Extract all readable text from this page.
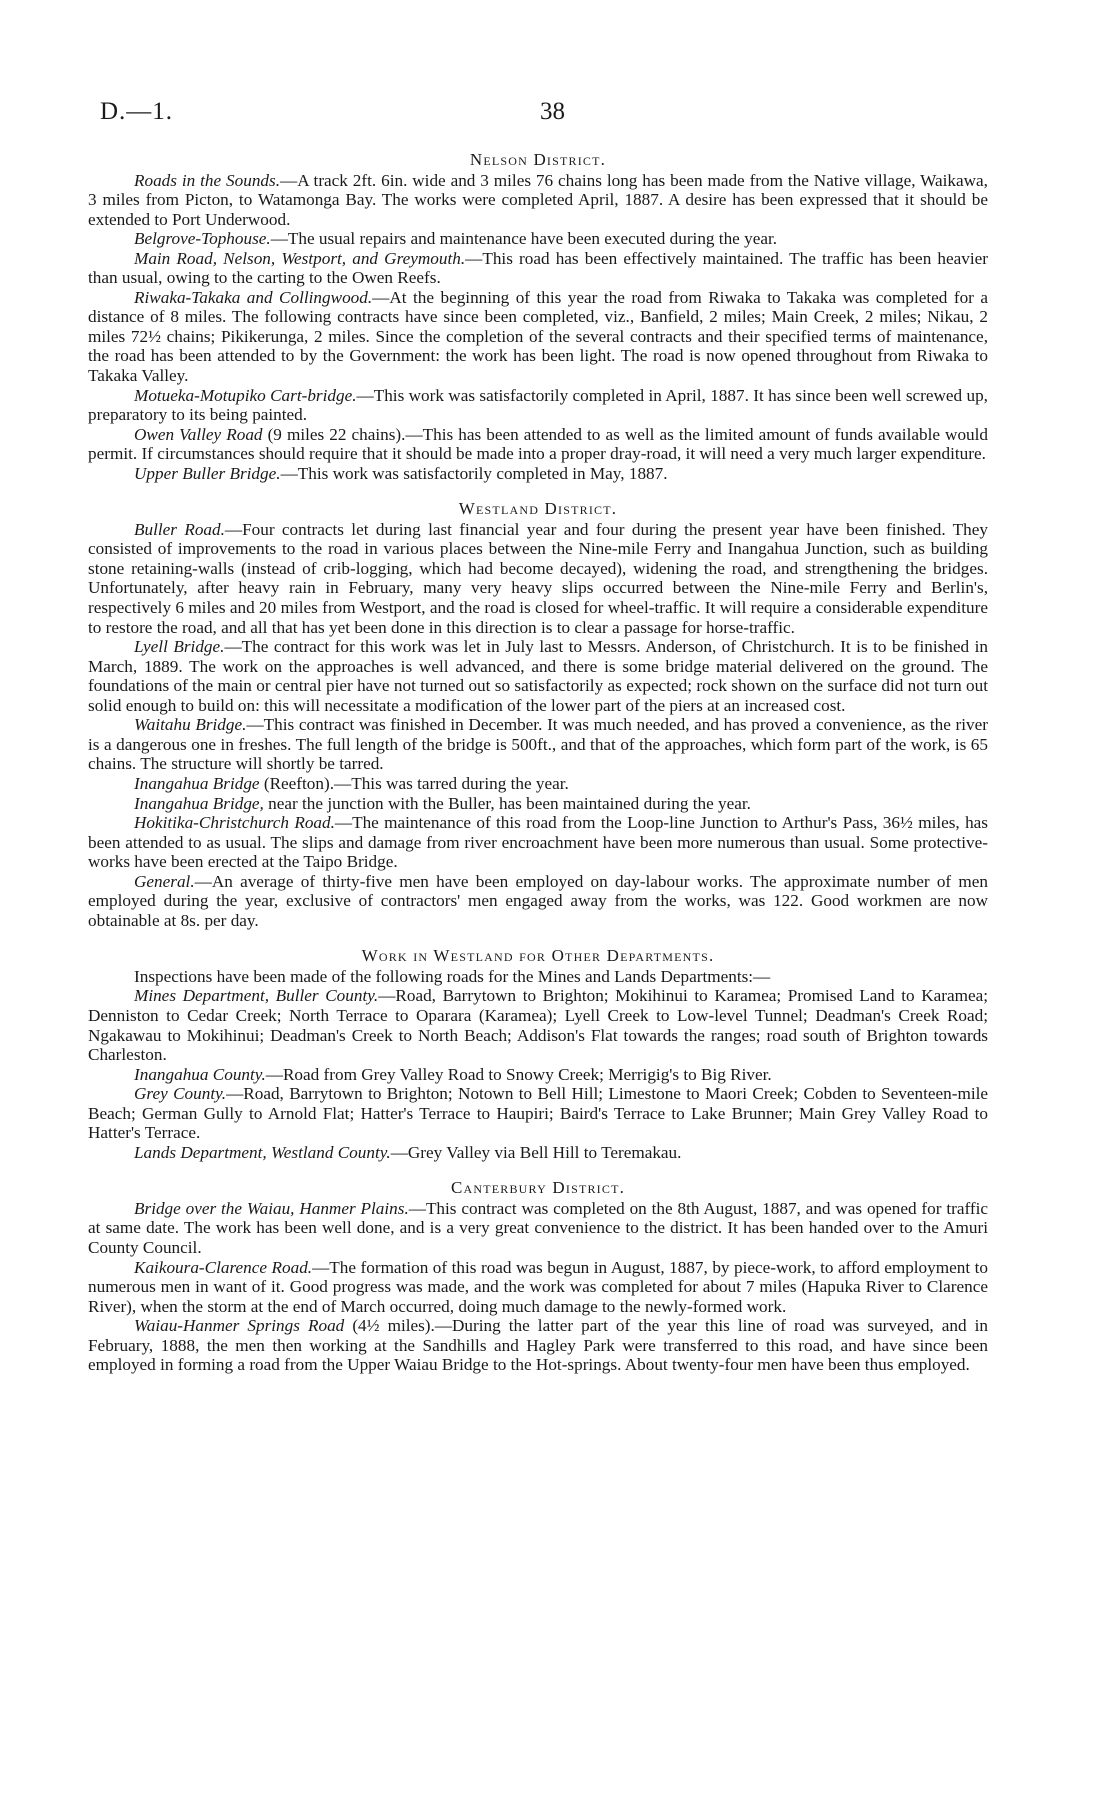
D.—1.	38
Nelson District.

Roads in the Sounds.—A track 2ft. 6in. wide and 3 miles 76 chains long has been made from the Native village, Waikawa, 3 miles from Picton, to Watamonga Bay. The works were completed April, 1887. A desire has been expressed that it should be extended to Port Underwood.

Belgrove-Tophouse.—The usual repairs and maintenance have been executed during the year.

Main Road, Nelson, Westport, and Greymouth.—This road has been effectively maintained. The traffic has been heavier than usual, owing to the carting to the Owen Reefs.

Riwaka-Takaka and Collingwood.—At the beginning of this year the road from Riwaka to Takaka was completed for a distance of 8 miles. The following contracts have since been completed, viz., Banfield, 2 miles; Main Creek, 2 miles; Nikau, 2 miles 72½ chains; Pikikerunga, 2 miles. Since the completion of the several contracts and their specified terms of maintenance, the road has been attended to by the Government: the work has been light. The road is now opened throughout from Riwaka to Takaka Valley.

Motueka-Motupiko Cart-bridge.—This work was satisfactorily completed in April, 1887. It has since been well screwed up, preparatory to its being painted.

Owen Valley Road (9 miles 22 chains).—This has been attended to as well as the limited amount of funds available would permit. If circumstances should require that it should be made into a proper dray-road, it will need a very much larger expenditure.

Upper Buller Bridge.—This work was satisfactorily completed in May, 1887.

Westland District.

Buller Road.—Four contracts let during last financial year and four during the present year have been finished. They consisted of improvements to the road in various places between the Nine-mile Ferry and Inangahua Junction, such as building stone retaining-walls (instead of crib-logging, which had become decayed), widening the road, and strengthening the bridges. Unfortunately, after heavy rain in February, many very heavy slips occurred between the Nine-mile Ferry and Berlin's, respectively 6 miles and 20 miles from Westport, and the road is closed for wheel-traffic. It will require a considerable expenditure to restore the road, and all that has yet been done in this direction is to clear a passage for horse-traffic.

Lyell Bridge.—The contract for this work was let in July last to Messrs. Anderson, of Christchurch. It is to be finished in March, 1889. The work on the approaches is well advanced, and there is some bridge material delivered on the ground. The foundations of the main or central pier have not turned out so satisfactorily as expected; rock shown on the surface did not turn out solid enough to build on: this will necessitate a modification of the lower part of the piers at an increased cost.

Waitahu Bridge.—This contract was finished in December. It was much needed, and has proved a convenience, as the river is a dangerous one in freshes. The full length of the bridge is 500ft., and that of the approaches, which form part of the work, is 65 chains. The structure will shortly be tarred.

Inangahua Bridge (Reefton).—This was tarred during the year.

Inangahua Bridge, near the junction with the Buller, has been maintained during the year.

Hokitika-Christchurch Road.—The maintenance of this road from the Loop-line Junction to Arthur's Pass, 36½ miles, has been attended to as usual. The slips and damage from river encroachment have been more numerous than usual. Some protective-works have been erected at the Taipo Bridge.

General.—An average of thirty-five men have been employed on day-labour works. The approximate number of men employed during the year, exclusive of contractors' men engaged away from the works, was 122. Good workmen are now obtainable at 8s. per day.

Work in Westland for Other Departments.

Inspections have been made of the following roads for the Mines and Lands Departments:—

Mines Department, Buller County.—Road, Barrytown to Brighton; Mokihinui to Karamea; Promised Land to Karamea; Denniston to Cedar Creek; North Terrace to Oparara (Karamea); Lyell Creek to Low-level Tunnel; Deadman's Creek Road; Ngakawau to Mokihinui; Deadman's Creek to North Beach; Addison's Flat towards the ranges; road south of Brighton towards Charleston.

Inangahua County.—Road from Grey Valley Road to Snowy Creek; Merrigig's to Big River.

Grey County.—Road, Barrytown to Brighton; Notown to Bell Hill; Limestone to Maori Creek; Cobden to Seventeen-mile Beach; German Gully to Arnold Flat; Hatter's Terrace to Haupiri; Baird's Terrace to Lake Brunner; Main Grey Valley Road to Hatter's Terrace.

Lands Department, Westland County.—Grey Valley via Bell Hill to Teremakau.

Canterbury District.

Bridge over the Waiau, Hanmer Plains.—This contract was completed on the 8th August, 1887, and was opened for traffic at same date. The work has been well done, and is a very great convenience to the district. It has been handed over to the Amuri County Council.

Kaikoura-Clarence Road.—The formation of this road was begun in August, 1887, by piece-work, to afford employment to numerous men in want of it. Good progress was made, and the work was completed for about 7 miles (Hapuka River to Clarence River), when the storm at the end of March occurred, doing much damage to the newly-formed work.

Waiau-Hanmer Springs Road (4½ miles).—During the latter part of the year this line of road was surveyed, and in February, 1888, the men then working at the Sandhills and Hagley Park were transferred to this road, and have since been employed in forming a road from the Upper Waiau Bridge to the Hot-springs. About twenty-four men have been thus employed.
